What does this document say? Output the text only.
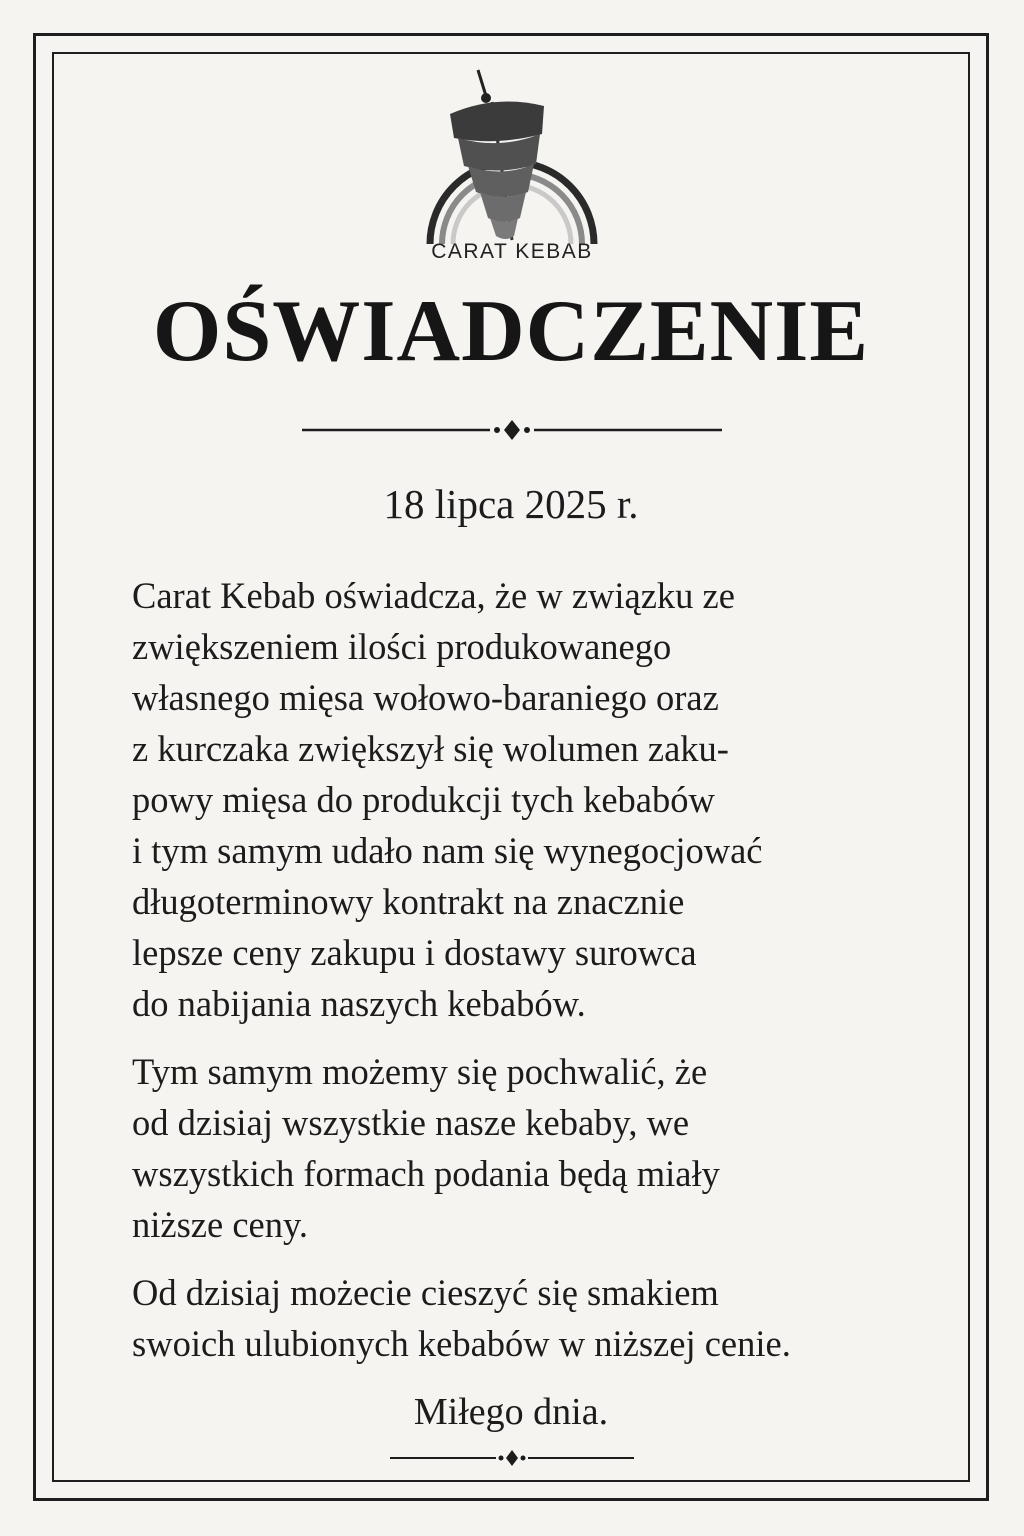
CARAT KEBAB
OŚWIADCZENIE
18 lipca 2025 r.

Carat Kebab oświadcza, że w związku ze
zwiększeniem ilości produkowanego
własnego mięsa wołowo-baraniego oraz
z kurczaka zwiększył się wolumen zaku-
powy mięsa do produkcji tych kebabów
i tym samym udało nam się wynegocjować
długoterminowy kontrakt na znacznie
lepsze ceny zakupu i dostawy surowca
do nabijania naszych kebabów.

Tym samym możemy się pochwalić, że
od dzisiaj wszystkie nasze kebaby, we
wszystkich formach podania będą miały
niższe ceny.

Od dzisiaj możecie cieszyć się smakiem
swoich ulubionych kebabów w niższej cenie.

Miłego dnia.
